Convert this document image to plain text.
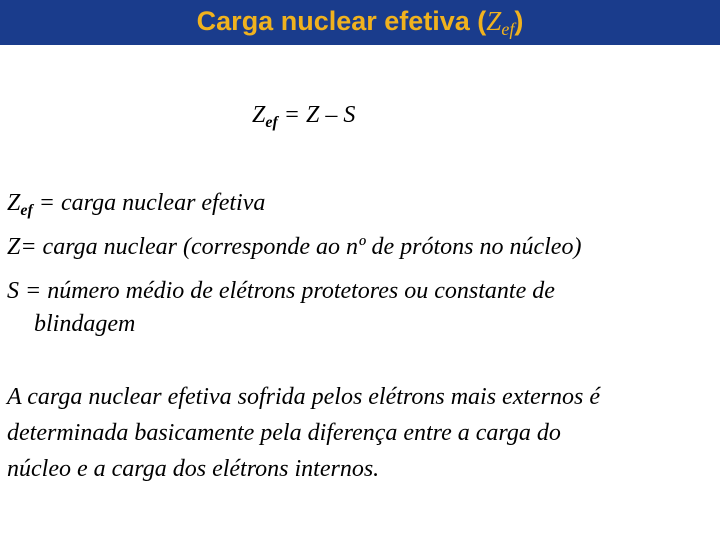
Carga nuclear efetiva $(Z_{ef})$
$Z_{ef} = Z - S$
$Z_{ef}$ = carga nuclear efetiva
Z= carga nuclear (corresponde ao nº de prótons no núcleo)
S = número médio de elétrons protetores ou constante de
blindagem
A carga nuclear efetiva sofrida pelos elétrons mais externos é
determinada basicamente pela diferença entre a carga do
núcleo e a carga dos elétrons internos.
